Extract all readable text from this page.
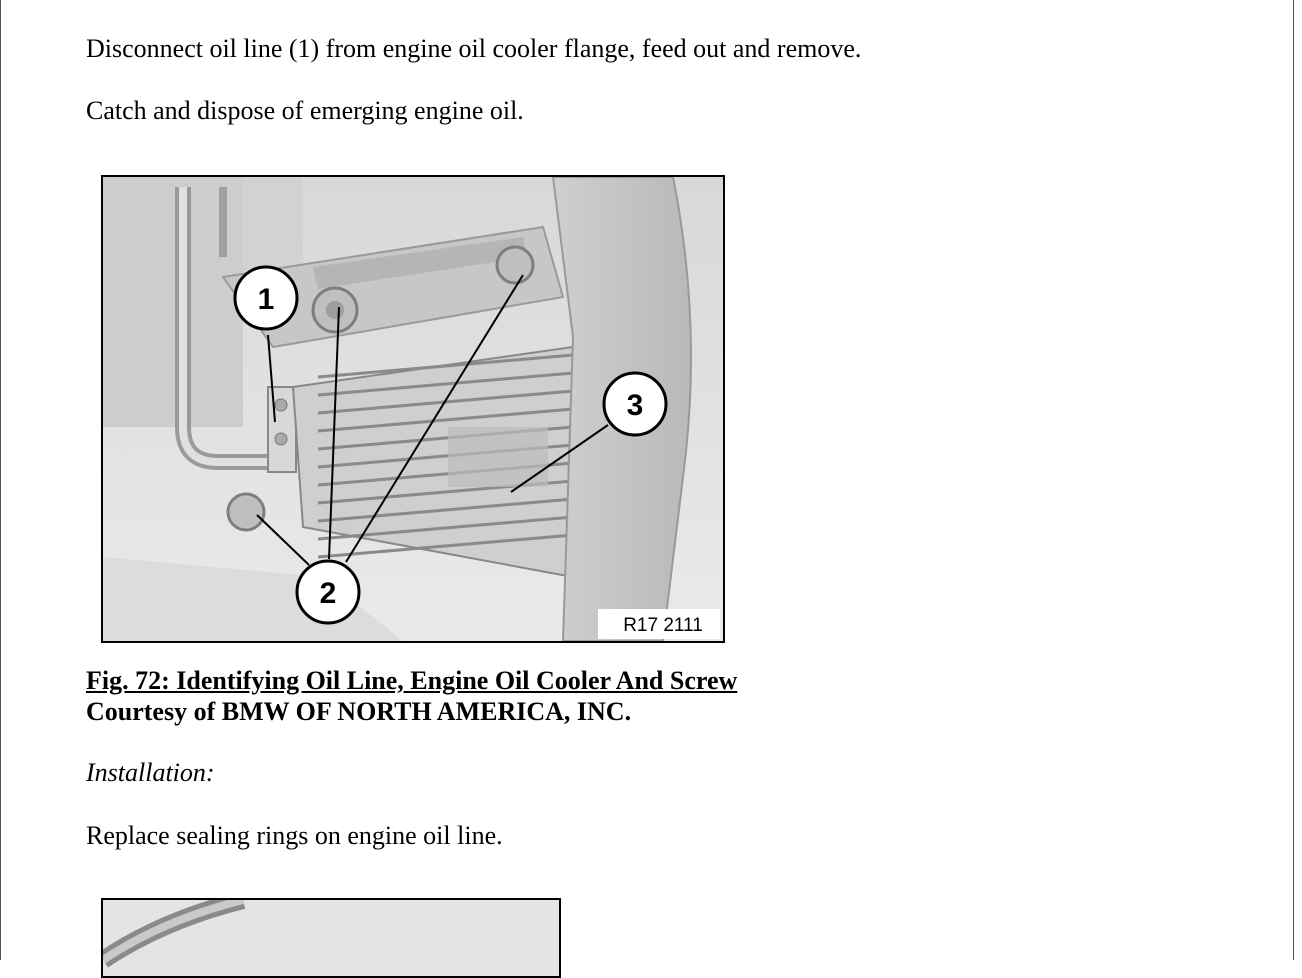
Disconnect oil line (1) from engine oil cooler flange, feed out and remove.

Catch and dispose of emerging engine oil.

1
2
3
R17 2111
Fig. 72: Identifying Oil Line, Engine Oil Cooler And Screw
Courtesy of BMW OF NORTH AMERICA, INC.

Installation:

Replace sealing rings on engine oil line.
